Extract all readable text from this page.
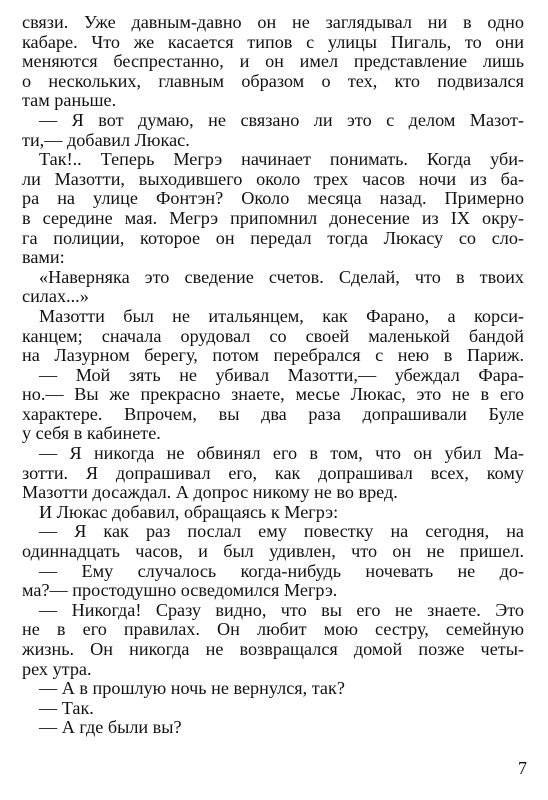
связи. Уже давным-давно он не заглядывал ни в одно
кабаре. Что же касается типов с улицы Пигаль, то они
меняются беспрестанно, и он имел представление лишь
о нескольких, главным образом о тех, кто подвизался
там раньше.
— Я вот думаю, не связано ли это с делом Мазот-
ти,— добавил Люкас.
Так!.. Теперь Мегрэ начинает понимать. Когда уби-
ли Мазотти, выходившего около трех часов ночи из ба-
ра на улице Фонтэн? Около месяца назад. Примерно
в середине мая. Мегрэ припомнил донесение из IX окру-
га полиции, которое он передал тогда Люкасу со сло-
вами:
«Наверняка это сведение счетов. Сделай, что в твоих
силах...»
Мазотти был не итальянцем, как Фарано, а корси-
канцем; сначала орудовал со своей маленькой бандой
на Лазурном берегу, потом перебрался с нею в Париж.
— Мой зять не убивал Мазотти,— убеждал Фара-
но.— Вы же прекрасно знаете, месье Люкас, это не в его
характере. Впрочем, вы два раза допрашивали Буле
у себя в кабинете.
— Я никогда не обвинял его в том, что он убил Ма-
зотти. Я допрашивал его, как допрашивал всех, кому
Мазотти досаждал. А допрос никому не во вред.
И Люкас добавил, обращаясь к Мегрэ:
— Я как раз послал ему повестку на сегодня, на
одиннадцать часов, и был удивлен, что он не пришел.
— Ему случалось когда-нибудь ночевать не до-
ма?— простодушно осведомился Мегрэ.
— Никогда! Сразу видно, что вы его не знаете. Это
не в его правилах. Он любит мою сестру, семейную
жизнь. Он никогда не возвращался домой позже четы-
рех утра.
— А в прошлую ночь не вернулся, так?
— Так.
— А где были вы?
7
